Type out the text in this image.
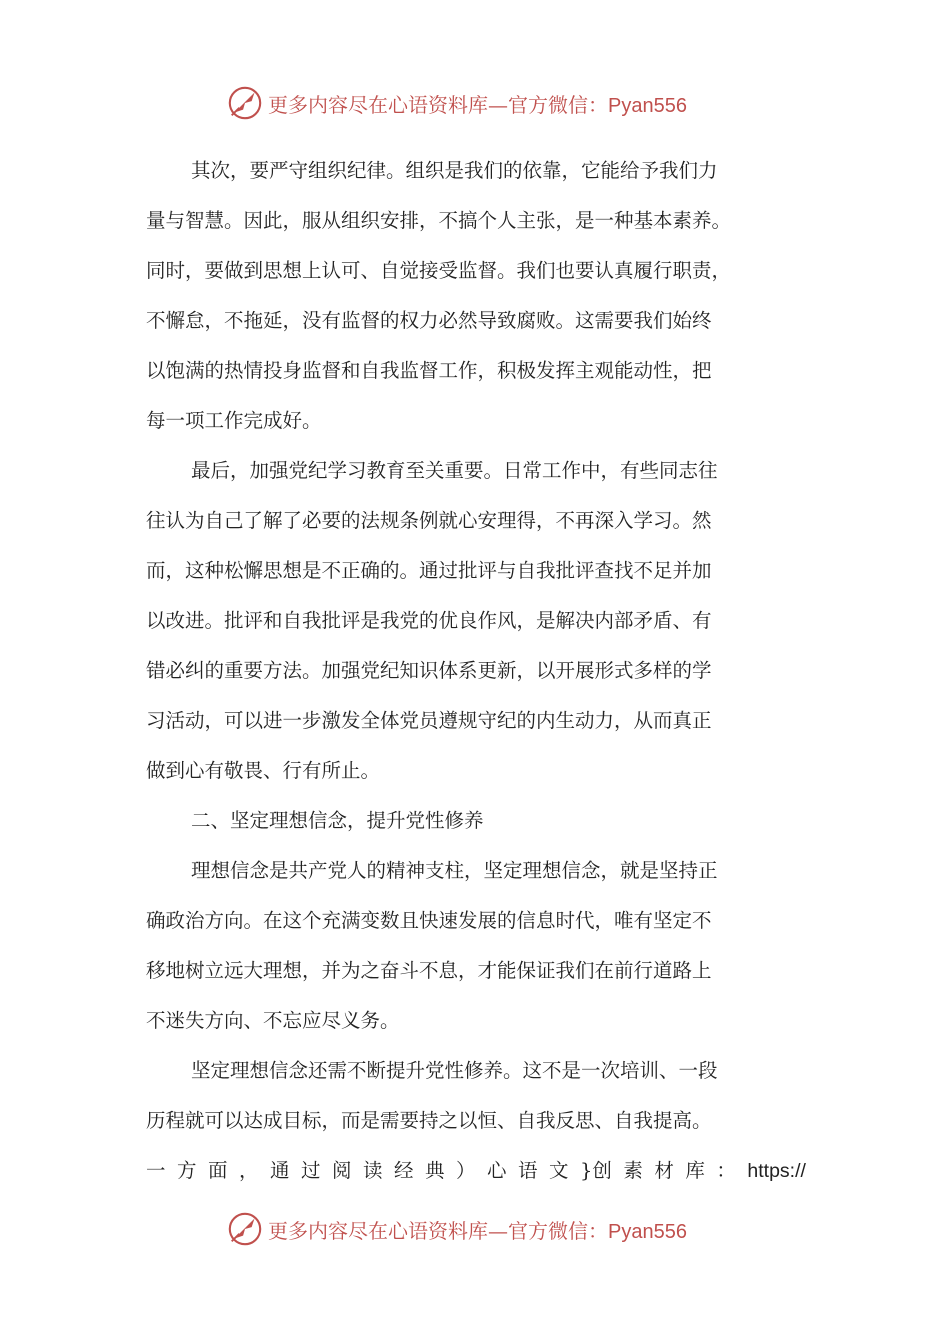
更多内容尽在心语资料库—官方微信：Pyan556
其次，要严守组织纪律。组织是我们的依靠，它能给予我们力
量与智慧。因此，服从组织安排，不搞个人主张，是一种基本素养。
同时，要做到思想上认可、自觉接受监督。我们也要认真履行职责，
不懈怠，不拖延，没有监督的权力必然导致腐败。这需要我们始终
以饱满的热情投身监督和自我监督工作，积极发挥主观能动性，把
每一项工作完成好。
最后，加强党纪学习教育至关重要。日常工作中，有些同志往
往认为自己了解了必要的法规条例就心安理得，不再深入学习。然
而，这种松懈思想是不正确的。通过批评与自我批评查找不足并加
以改进。批评和自我批评是我党的优良作风，是解决内部矛盾、有
错必纠的重要方法。加强党纪知识体系更新，以开展形式多样的学
习活动，可以进一步激发全体党员遵规守纪的内生动力，从而真正
做到心有敬畏、行有所止。
二、坚定理想信念，提升党性修养
理想信念是共产党人的精神支柱，坚定理想信念，就是坚持正
确政治方向。在这个充满变数且快速发展的信息时代，唯有坚定不
移地树立远大理想，并为之奋斗不息，才能保证我们在前行道路上
不迷失方向、不忘应尽义务。
坚定理想信念还需不断提升党性修养。这不是一次培训、一段
历程就可以达成目标，而是需要持之以恒、自我反思、自我提高。
一 方 面 ， 通 过 阅 读 经 典 ） 心 语 文 }创 素 材 库 ： https://
更多内容尽在心语资料库—官方微信：Pyan556
